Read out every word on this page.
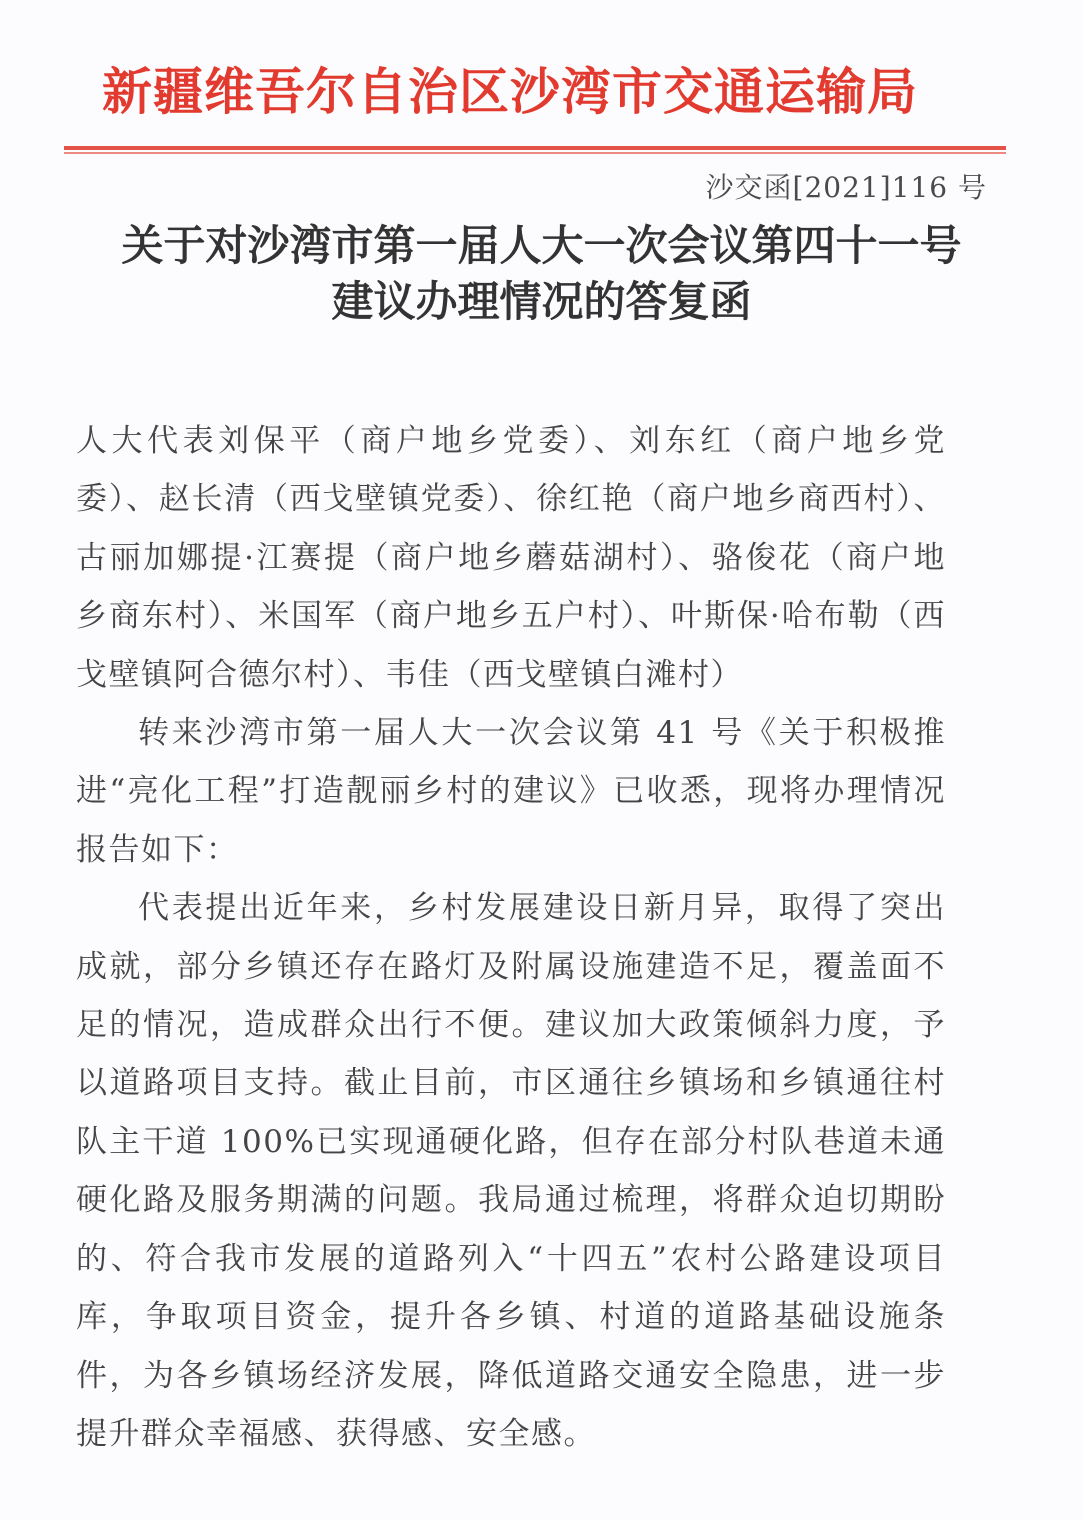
新疆维吾尔自治区沙湾市交通运输局
沙交函[2021]116 号
关于对沙湾市第一届人大一次会议第四十一号
建议办理情况的答复函

人大代表刘保平（商户地乡党委）、刘东红（商户地乡党委）、赵长清（西戈壁镇党委）、徐红艳（商户地乡商西村）、古丽加娜提·江赛提（商户地乡蘑菇湖村）、骆俊花（商户地乡商东村）、米国军（商户地乡五户村）、叶斯保·哈布勒（西戈壁镇阿合德尔村）、韦佳（西戈壁镇白滩村）

转来沙湾市第一届人大一次会议第 41 号《关于积极推进“亮化工程”打造靓丽乡村的建议》已收悉，现将办理情况报告如下：

代表提出近年来，乡村发展建设日新月异，取得了突出成就，部分乡镇还存在路灯及附属设施建造不足，覆盖面不足的情况，造成群众出行不便。建议加大政策倾斜力度，予以道路项目支持。截止目前，市区通往乡镇场和乡镇通往村队主干道 100%已实现通硬化路，但存在部分村队巷道未通硬化路及服务期满的问题。我局通过梳理，将群众迫切期盼的、符合我市发展的道路列入“十四五”农村公路建设项目库，争取项目资金，提升各乡镇、村道的道路基础设施条件，为各乡镇场经济发展，降低道路交通安全隐患，进一步提升群众幸福感、获得感、安全感。
